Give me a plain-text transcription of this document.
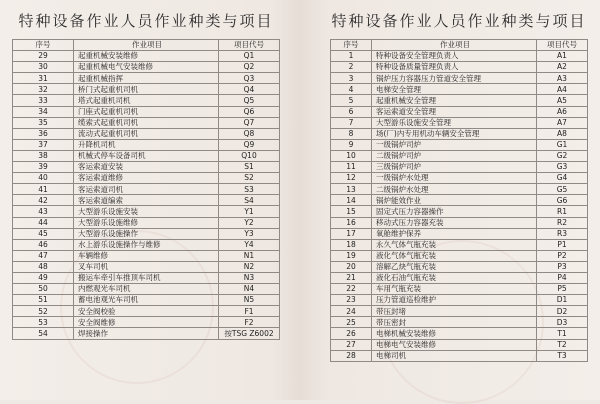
特种设备作业人员作业种类与项目
序号	作业项目	项目代号
29	起重机械安装维修	Q1
30	起重机械电气安装维修	Q2
31	起重机械指挥	Q3
32	桥门式起重机司机	Q4
33	塔式起重机司机	Q5
34	门座式起重机司机	Q6
35	缆索式起重机司机	Q7
36	流动式起重机司机	Q8
37	升降机司机	Q9
38	机械式停车设备司机	Q10
39	客运索道安装	S1
40	客运索道维修	S2
41	客运索道司机	S3
42	客运索道编索	S4
43	大型游乐设施安装	Y1
44	大型游乐设施维修	Y2
45	大型游乐设施操作	Y3
46	水上游乐设施操作与维修	Y4
47	车辆维修	N1
48	叉车司机	N2
49	搬运车牵引车推顶车司机	N3
50	内燃观光车司机	N4
51	蓄电池观光车司机	N5
52	安全阀校验	F1
53	安全阀维修	F2
54	焊接操作	按TSG Z6002
特种设备作业人员作业种类与项目
序号	作业项目	项目代号
1	特种设备安全管理负责人	A1
2	特种设备质量管理负责人	A2
3	锅炉压力容器压力管道安全管理	A3
4	电梯安全管理	A4
5	起重机械安全管理	A5
6	客运索道安全管理	A6
7	大型游乐设施安全管理	A7
8	场(厂)内专用机动车辆安全管理	A8
9	一级锅炉司炉	G1
10	二级锅炉司炉	G2
11	三级锅炉司炉	G3
12	一级锅炉水处理	G4
13	二级锅炉水处理	G5
14	锅炉能效作业	G6
15	固定式压力容器操作	R1
16	移动式压力容器充装	R2
17	氧舱维护保养	R3
18	永久气体气瓶充装	P1
19	液化气体气瓶充装	P2
20	溶解乙炔气瓶充装	P3
21	液化石油气瓶充装	P4
22	车用气瓶充装	P5
23	压力管道巡检维护	D1
24	带压封堵	D2
25	带压密封	D3
26	电梯机械安装维修	T1
27	电梯电气安装维修	T2
28	电梯司机	T3
